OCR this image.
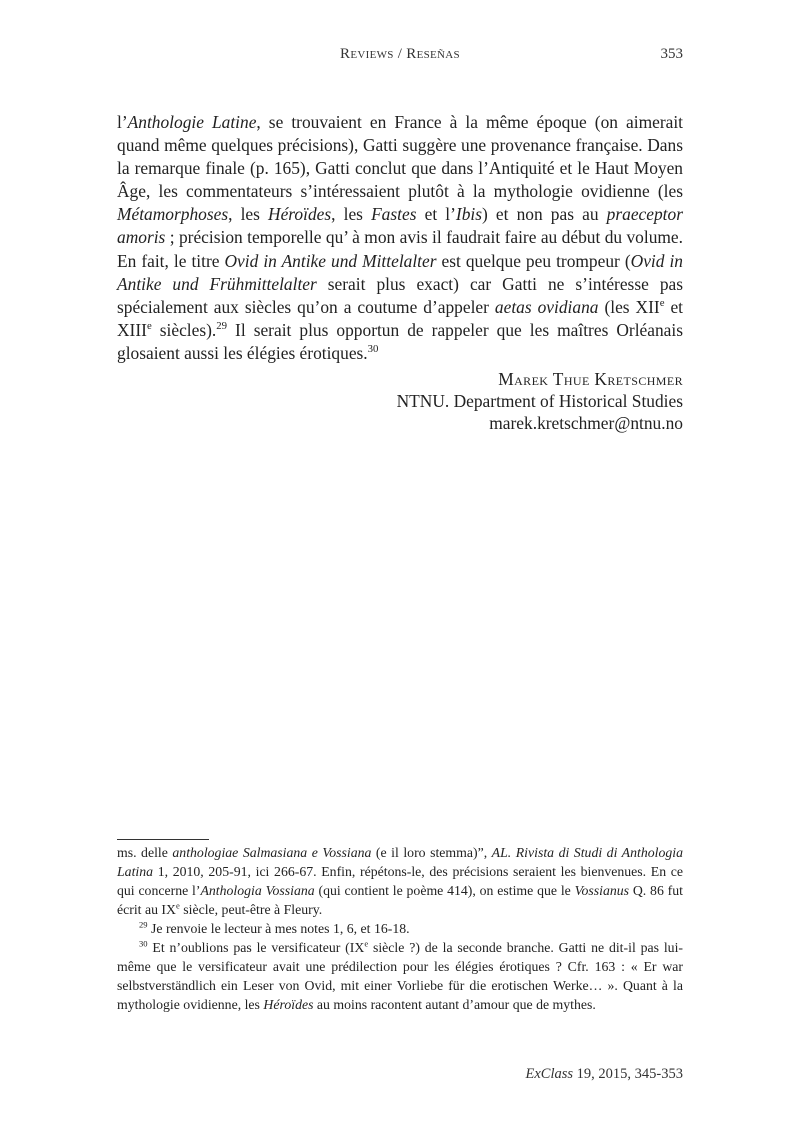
Reviews / Reseñas	353

l’Anthologie Latine, se trouvaient en France à la même époque (on aimerait quand même quelques précisions), Gatti suggère une provenance française. Dans la remarque finale (p. 165), Gatti conclut que dans l’Antiquité et le Haut Moyen Âge, les commentateurs s’intéressaient plutôt à la mythologie ovidienne (les Métamorphoses, les Héroïdes, les Fastes et l’Ibis) et non pas au praeceptor amoris ; précision temporelle qu’ à mon avis il faudrait faire au début du volume. En fait, le titre Ovid in Antike und Mittelalter est quelque peu trompeur (Ovid in Antike und Frühmittelalter serait plus exact) car Gatti ne s’intéresse pas spécialement aux siècles qu’on a coutume d’appeler aetas ovidiana (les XIIe et XIIIe siècles).$^{29}$ Il serait plus opportun de rappeler que les maîtres Orléanais glosaient aussi les élégies érotiques.$^{30}$

Marek Thue Kretschmer
NTNU. Department of Historical Studies
marek.kretschmer@ntnu.no

ms. delle anthologiae Salmasiana e Vossiana (e il loro stemma)”, AL. Rivista di Studi di Anthologia Latina 1, 2010, 205-91, ici 266-67. Enfin, répétons-le, des précisions seraient les bienvenues. En ce qui concerne l’Anthologia Vossiana (qui contient le poème 414), on estime que le Vossianus Q. 86 fut écrit au IXe siècle, peut-être à Fleury.

$^{29}$ Je renvoie le lecteur à mes notes 1, 6, et 16-18.

$^{30}$ Et n’oublions pas le versificateur (IXe siècle ?) de la seconde branche. Gatti ne dit-il pas lui-même que le versificateur avait une prédilection pour les élégies érotiques ? Cfr. 163 : « Er war selbstverständlich ein Leser von Ovid, mit einer Vorliebe für die erotischen Werke… ». Quant à la mythologie ovidienne, les Héroïdes au moins racontent autant d’amour que de mythes.

ExClass 19, 2015, 345-353
